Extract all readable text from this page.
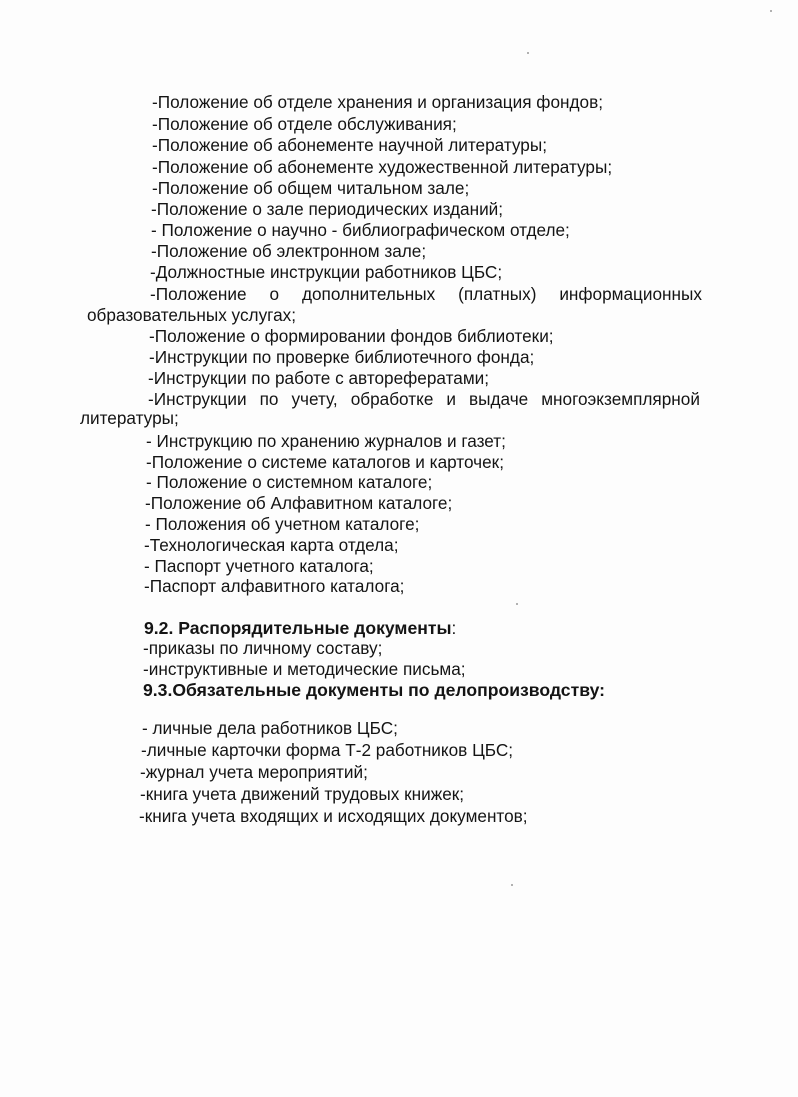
-Положение об отделе хранения и организация фондов;
-Положение об отделе обслуживания;
-Положение об абонементе научной литературы;
-Положение об абонементе художественной литературы;
-Положение об общем читальном зале;
-Положение о зале периодических изданий;
- Положение о научно - библиографическом отделе;
-Положение об электронном зале;
-Должностные инструкции работников ЦБС;
-Положение о дополнительных (платных) информационных
образовательных услугах;
-Положение о формировании фондов библиотеки;
-Инструкции по проверке библиотечного фонда;
-Инструкции по работе с авторефератами;
-Инструкции по учету, обработке и выдаче многоэкземплярной
литературы;
- Инструкцию по хранению журналов и газет;
-Положение о системе каталогов и карточек;
- Положение о системном каталоге;
-Положение об Алфавитном каталоге;
- Положения об учетном каталоге;
-Технологическая карта отдела;
- Паспорт учетного каталога;
-Паспорт алфавитного каталога;
9.2. Распорядительные документы:
-приказы по личному составу;
-инструктивные и методические письма;
9.3.Обязательные документы по делопроизводству:
- личные дела работников ЦБС;
-личные карточки форма Т-2 работников ЦБС;
-журнал учета мероприятий;
-книга учета движений трудовых книжек;
-книга учета входящих и исходящих документов;
